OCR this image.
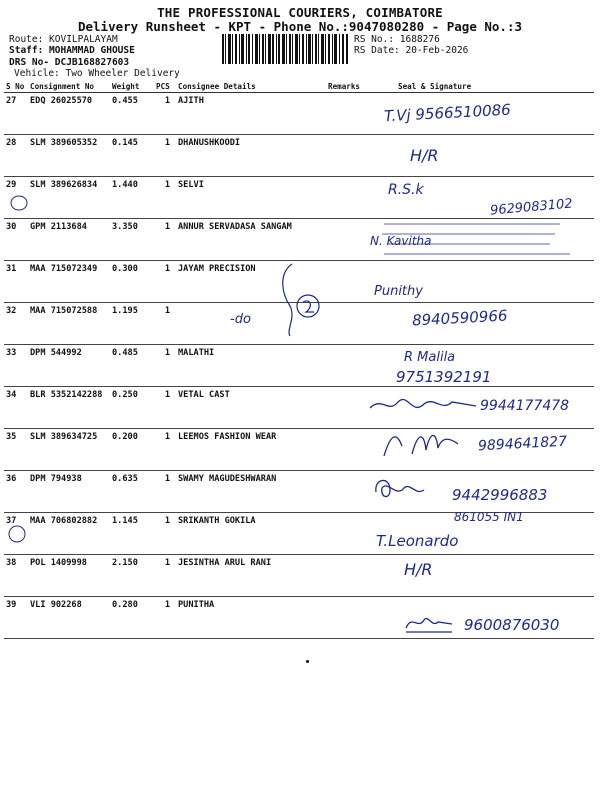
THE PROFESSIONAL COURIERS, COIMBATORE
Delivery Runsheet - KPT - Phone No.:9047080280 - Page No.:3
Route: KOVILPALAYAM
Staff: MOHAMMAD GHOUSE
DRS No- DCJB168827603
Vehicle: Two Wheeler Delivery
RS No.: 1688276
RS Date: 20-Feb-2026
S No	Consignment No	Weight	PCS	Consignee Details	Remarks	Seal & Signature
27	EDQ 26025570	0.455	1	AJITH		
28	SLM 389605352	0.145	1	DHANUSHKOODI		
29	SLM 389626834	1.440	1	SELVI		
30	GPM 2113684	3.350	1	ANNUR SERVADASA SANGAM		
31	MAA 715072349	0.300	1	JAYAM PRECISION		
32	MAA 715072588	1.195	1			
33	DPM 544992	0.485	1	MALATHI		
34	BLR 5352142288	0.250	1	VETAL CAST		
35	SLM 389634725	0.200	1	LEEMOS FASHION WEAR		
36	DPM 794938	0.635	1	SWAMY MAGUDESHWARAN		
37	MAA 706802882	1.145	1	SRIKANTH GOKILA		
38	POL 1409998	2.150	1	JESINTHA ARUL RANI		
39	VLI 902268	0.280	1	PUNITHA		
T.Vj 9566510086
H/R
R.S.k
9629083102
N. Kavitha
Punithy
8940590966
-do
R Malila
9751392191
9944177478
9894641827
9442996883
861055 IN1
T.Leonardo
H/R
9600876030
